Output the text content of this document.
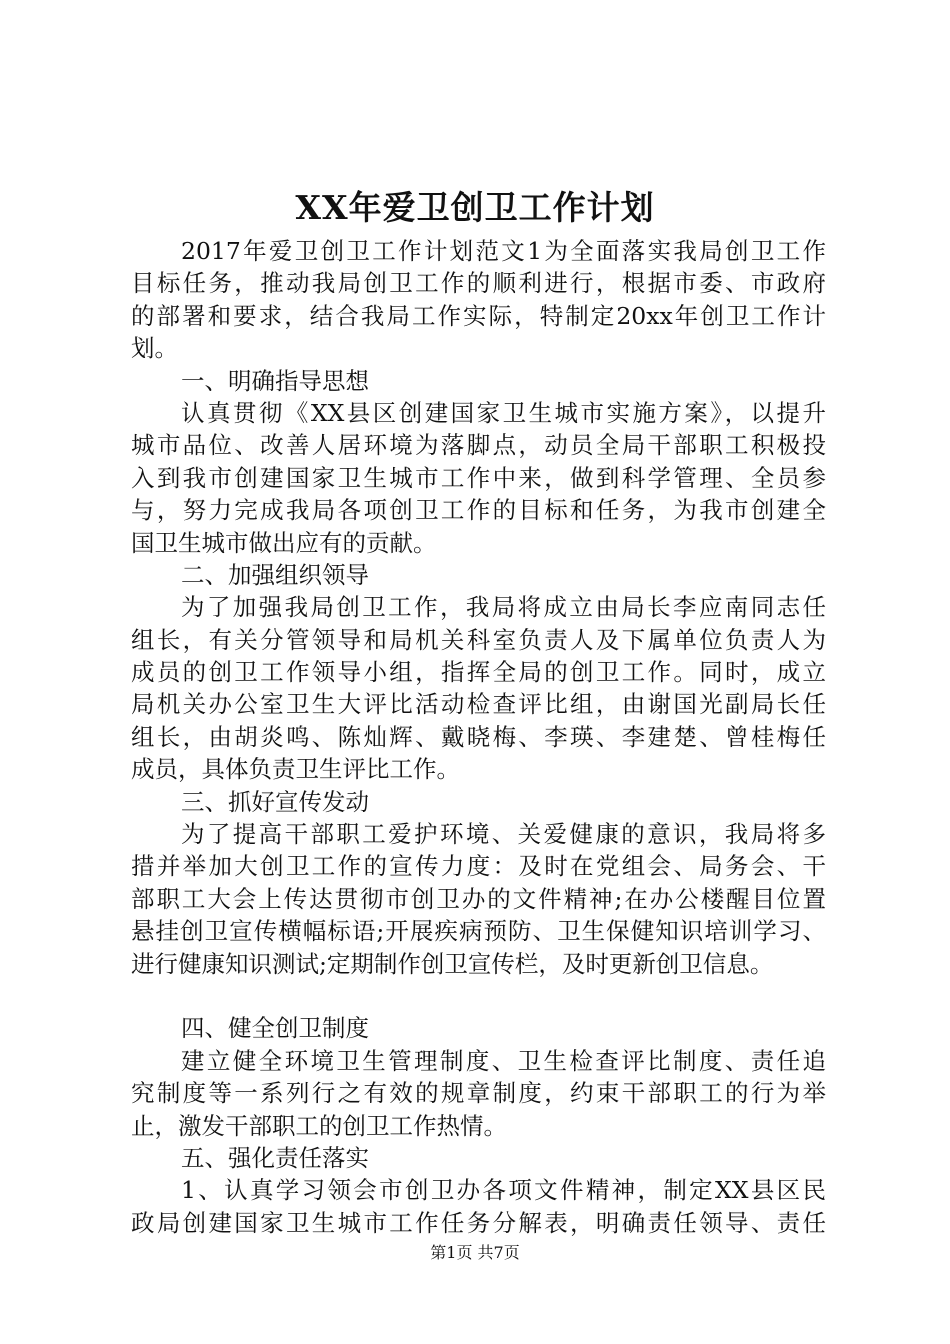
XX年爱卫创卫工作计划
2017年爱卫创卫工作计划范文1为全面落实我局创卫工作
目标任务，推动我局创卫工作的顺利进行，根据市委、市政府
的部署和要求，结合我局工作实际，特制定20xx年创卫工作计
划。
一、明确指导思想
认真贯彻《XX县区创建国家卫生城市实施方案》，以提升
城市品位、改善人居环境为落脚点，动员全局干部职工积极投
入到我市创建国家卫生城市工作中来，做到科学管理、全员参
与，努力完成我局各项创卫工作的目标和任务，为我市创建全
国卫生城市做出应有的贡献。
二、加强组织领导
为了加强我局创卫工作，我局将成立由局长李应南同志任
组长，有关分管领导和局机关科室负责人及下属单位负责人为
成员的创卫工作领导小组，指挥全局的创卫工作。同时，成立
局机关办公室卫生大评比活动检查评比组，由谢国光副局长任
组长，由胡炎鸣、陈灿辉、戴晓梅、李瑛、李建楚、曾桂梅任
成员，具体负责卫生评比工作。
三、抓好宣传发动
为了提高干部职工爱护环境、关爱健康的意识，我局将多
措并举加大创卫工作的宣传力度：及时在党组会、局务会、干
部职工大会上传达贯彻市创卫办的文件精神;在办公楼醒目位置
悬挂创卫宣传横幅标语;开展疾病预防、卫生保健知识培训学习、
进行健康知识测试;定期制作创卫宣传栏，及时更新创卫信息。
四、健全创卫制度
建立健全环境卫生管理制度、卫生检查评比制度、责任追
究制度等一系列行之有效的规章制度，约束干部职工的行为举
止，激发干部职工的创卫工作热情。
五、强化责任落实
1、认真学习领会市创卫办各项文件精神，制定XX县区民
政局创建国家卫生城市工作任务分解表，明确责任领导、责任
第1页 共7页
